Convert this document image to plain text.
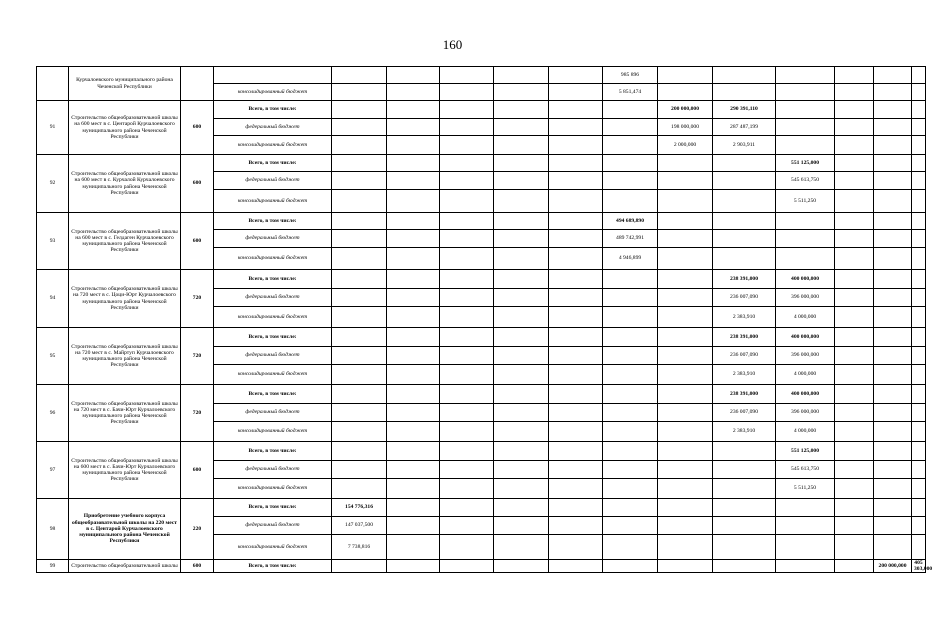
160
	Курчалоевского муниципального района Чеченской Республики								985 896								
			консолидированный бюджет						5 851,474								
91	Строительство общеобразовательной школы на 600 мест в с. Центарой Курчалоевского муниципального района Чеченской Республики	600	Всего, в том числе:							200 000,000	290 391,110						
			федеральный бюджет							198 000,000	287 487,199						
			консолидированный бюджет							2 000,000	2 903,911						
92	Строительство общеобразовательной школы на 600 мест в с. Курчалой Курчалоевского муниципального района Чеченской Республики	600	Всего, в том числе:									551 125,000					
			федеральный бюджет									545 613,750					
			консолидированный бюджет									5 511,250					
93	Строительство общеобразовательной школы на 600 мест в с. Гелдаген Курчалоевского муниципального района Чеченской Республики	600	Всего, в том числе:						494 689,890								
			федеральный бюджет						489 742,991								
			консолидированный бюджет						4 946,899								
94	Строительство общеобразовательной школы на 720 мест в с. Цоци-Юрт Курчалоевского муниципального района Чеченской Республики	720	Всего, в том числе:								238 391,000	400 000,000					
			федеральный бюджет								236 007,090	396 000,000					
			консолидированный бюджет								2 383,910	4 000,000					
95	Строительство общеобразовательной школы на 720 мест в с. Майртуп Курчалоевского муниципального района Чеченской Республики	720	Всего, в том числе:								238 391,000	400 000,000					
			федеральный бюджет								236 007,090	396 000,000					
			консолидированный бюджет								2 383,910	4 000,000					
96	Строительство общеобразовательной школы на 720 мест в с. Бачи-Юрт Курчалоевского муниципального района Чеченской Республики	720	Всего, в том числе:								238 391,000	400 000,000					
			федеральный бюджет								236 007,090	396 000,000					
			консолидированный бюджет								2 383,910	4 000,000					
97	Строительство общеобразовательной школы на 600 мест в с. Бачи-Юрт Курчалоевского муниципального района Чеченской Республики	600	Всего, в том числе:									551 125,000					
			федеральный бюджет									545 613,750					
			консолидированный бюджет									5 511,250					
98	Приобретение учебного корпуса общеобразовательной школы на 220 мест в с. Центарой Курчалоевского муниципального района Чеченской Республики	220	Всего, в том числе:	154 776,316													
			федеральный бюджет	147 037,500													
			консолидированный бюджет	7 738,816													
99	Строительство общеобразовательной школы	600	Всего, в том числе:											200 000,000	405 303,000		
